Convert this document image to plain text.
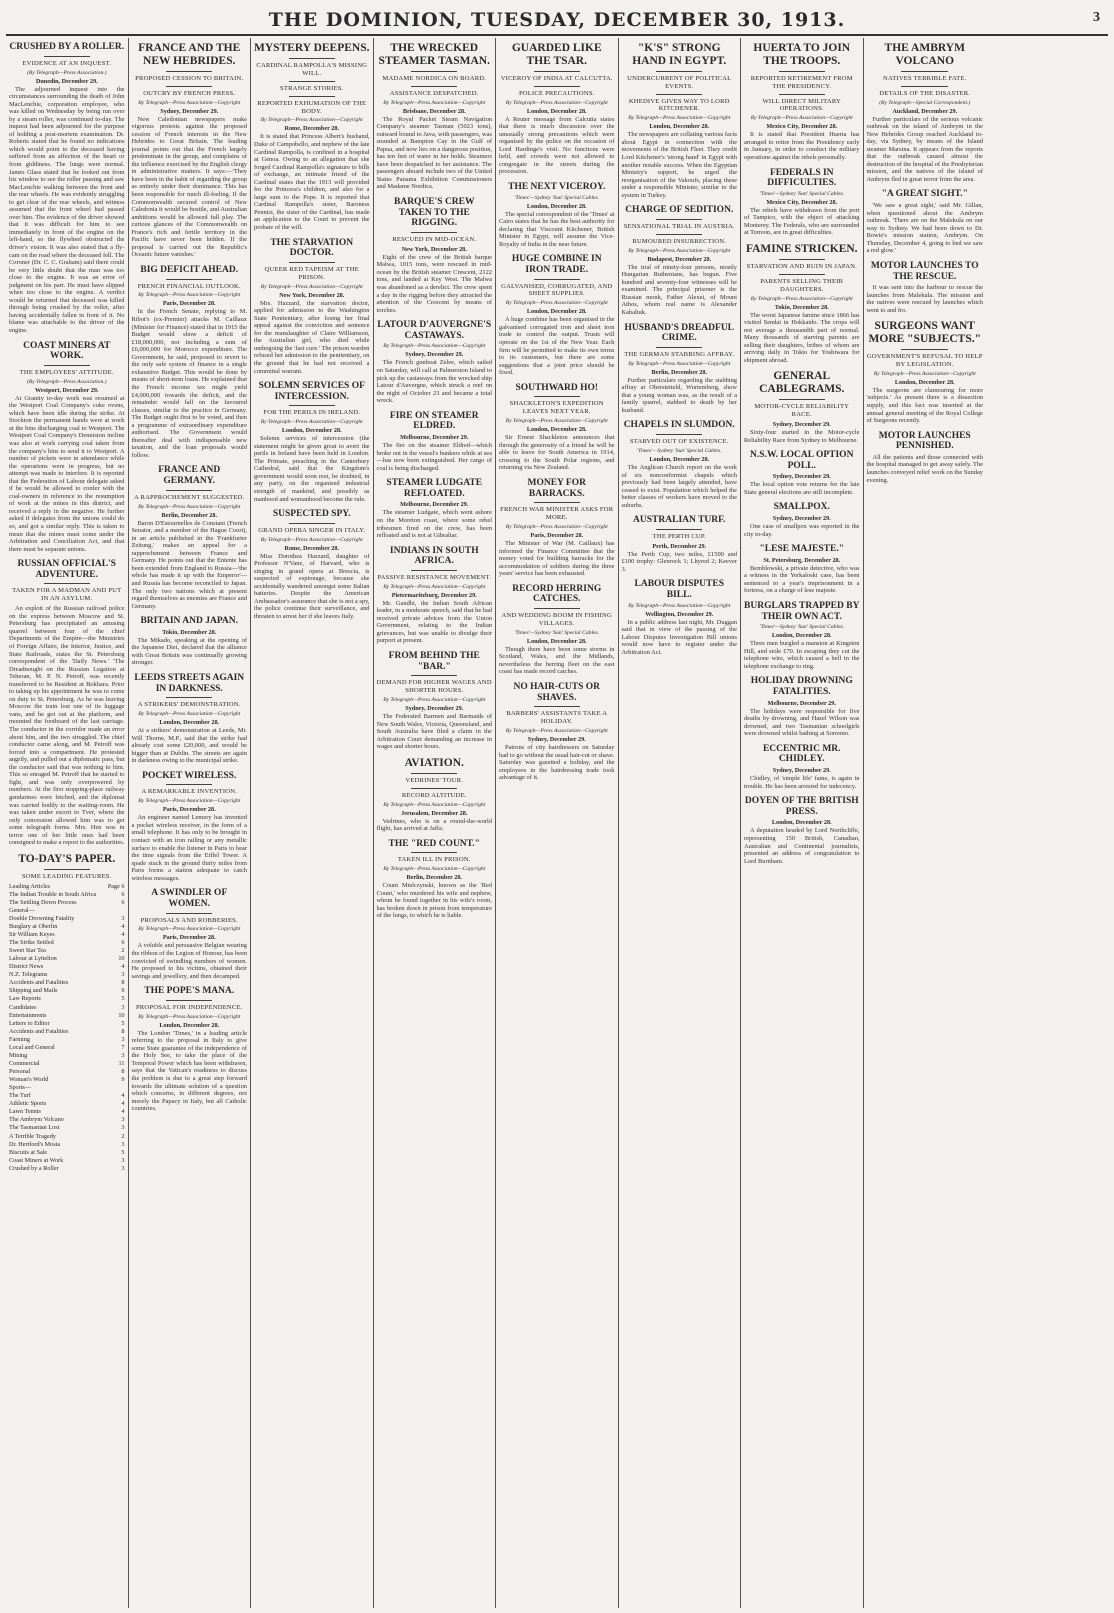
THE DOMINION, TUESDAY, DECEMBER 30, 1913.	3
CRUSHED BY A ROLLER.
EVIDENCE AT AN INQUEST.
(By Telegraph—Press Association.)
Dunedin, December 29.

The adjourned inquest into the circumstances surrounding the death of John MacLenchie, corporation employee, who was killed on Wednesday by being run over by a steam roller, was continued to-day. The inquest had been adjourned for the purpose of holding a post-mortem examination. Dr. Roberts stated that he found no indications which would point to the deceased having suffered from an affection of the heart or from giddiness. The lungs were normal. James Glass stated that he looked out from his window to see the roller passing and saw MacLenchie walking between the front and the rear wheels. He was evidently struggling to get clear of the rear wheels, and witness assumed that the front wheel had passed over him. The evidence of the driver showed that it was difficult for him to see immediately in front of the engine on the left-hand, so the flywheel obstructed the driver's vision. It was also stated that a fly-cam on the road where the deceased fell. The Coroner (Dr. C. C. Graham) said there could be very little doubt that the man was too close to the engine. It was an error of judgment on his part. He must have slipped when too close to the engine. A verdict would be returned that deceased was killed through being crushed by the roller, after having accidentally fallen in front of it. No blame was attachable to the driver of the engine.

COAST MINERS AT WORK.
THE EMPLOYEES' ATTITUDE.
(By Telegraph—Press Association.)
Westport, December 29.

At Granity to-day work was resumed at the Westport Coal Company's coke ovens, which have been idle during the strike. At Stockton the permanent hands were at work at the bins discharging coal to Westport. The Westport Coal Company's Denniston incline was also at work carrying coal taken from the company's bins to send it to Westport. A number of pickets were in attendance while the operations were in progress, but no attempt was made to interfere. It is reported that the Federation of Labour delegate asked if he would be allowed to confer with the coal-owners in reference to the resumption of work at the mines in this district, and received a reply in the negative. He further asked if delegates from the unions could do so, and got a similar reply. This is taken to mean that the mines must come under the Arbitration and Conciliation Act, and that there must be separate unions.

RUSSIAN OFFICIAL'S ADVENTURE.
TAKEN FOR A MADMAN AND PUT IN AN ASYLUM.

An exploit of the Russian railroad police on the express between Moscow and St. Petersburg has precipitated an amusing quarrel between four of the chief Departments of the Empire—the Ministries of Foreign Affairs, the Interior, Justice, and State Railroads, states the St. Petersburg correspondent of the 'Daily News.' 'The Dreadnought on the Russian Legation at Teheran, M. P. N. Petroff, was recently transferred to be Resident at Bokhara. Prior to taking up his appointment he was to come on duty to St. Petersburg. As he was leaving Moscow the train lost one of its luggage vans, and he got out at the platform, and mounted the footboard of the last carriage. The conductor in the corridor made an error about him, and the two struggled. The chief conductor came along, and M. Petroff was forced into a compartment. He protested angrily, and pulled out a diplomatic pass, but the conductor said that was nothing to him. This so enraged M. Petroff that he started to fight, and was only overpowered by numbers. At the first stopping-place railway gendarmes were fetched, and the diplomat was carried bodily to the waiting-room. He was taken under escort to Tver, where the only concession allowed him was to get some telegraph forms. Mrs. Hen was in terror one of her little ones had been consigned to make a report to the authorities.

TO-DAY'S PAPER.
SOME LEADING FEATURES.
Leading Articles	Page 6
The Indian Trouble in South Africa	6
The Settling Down Process	6
General—
Double Drowning Fatality	3
Burglary at Oberlin	4
Sir William Keyes	4
The Strike Settled	6
Sweet Star Tea	2
Labour at Lyttelton	10
District News	4
N.Z. Telegrams	3
Accidents and Fatalities	8
Shipping and Mails	9
Law Reports	5
Candidates	3
Entertainments	10
Letters to Editor	5
Accidents and Fatalities	8
Farming	3
Local and General	7
Mining	3
Commercial	11
Personal	8
Woman's World	9
Sports—
The Turf	4
Athletic Sports	4
Lawn Tennis	4
The Ambrym Volcano	3
The Tasmanian Lost	3
A Terrible Tragedy	2
Dr. Hertford's Mosta	3
Biscuits at Sale	5
Coast Miners at Work	3
Crushed by a Roller	3
FRANCE AND THE NEW HEBRIDES.
PROPOSED CESSION TO BRITAIN.
OUTCRY BY FRENCH PRESS.
By Telegraph—Press Association—Copyright
Sydney, December 29.

New Caledonian newspapers make vigorous protests against the proposed cession of French interests in the New Hebrides to Great Britain. The leading journal points out that the French largely predominate in the group, and complains of the influence exercised by the English clergy in administrative matters. It says:—'They have been in the habit of regarding the group as entirely under their dominance. This has been responsible for much ill-feeling. If the Commonwealth secured control of New Caledonia it would be hostile, and Australian ambitions would be allowed full play. The curious glances of the Commonwealth on France's rich and fertile territory in the Pacific have never been hidden. If the proposal is carried out the Republic's Oceanic future vanishes.'

BIG DEFICIT AHEAD.
FRENCH FINANCIAL OUTLOOK.
By Telegraph—Press Association—Copyright
Paris, December 28.

In the French Senate, replying to M. Ribot's (ex-Premier) attacks M. Caillaux (Minister for Finance) stated that in 1915 the Budget would show a deficit of £18,000,000, not including a sum of £6,000,000 for Morocco expenditure. The Government, he said, proposed to revert to the only safe system of finance in a single exhaustive Budget. This would be done by means of short-term loans. He explained that the French income tax might yield £4,000,000 towards the deficit, and the remainder would fall on the favoured classes, similar to the practice in Germany. The Budget ought first to be voted, and then a programme of extraordinary expenditure authorised. The Government would thereafter deal with indispensable new taxation, and the loan proposals would follow.

FRANCE AND GERMANY.
A RAPPROCHEMENT SUGGESTED.
By Telegraph—Press Association—Copyright
Berlin, December 28.

Baron D'Estournelles de Constant (French Senator, and a member of the Hague Court), in an article published in the 'Frankfurter Zeitung,' makes an appeal for a rapprochement between France and Germany. He points out that the Entente has been extended from England to Russia—'the whole has made it up with the Emperor'—and Russia has become reconciled to Japan. The only two nations which at present regard themselves as enemies are France and Germany.

BRITAIN AND JAPAN.
Tokio, December 28.

The Mikado, speaking at the opening of the Japanese Diet, declared that the alliance with Great Britain was continually growing stronger.

LEEDS STREETS AGAIN IN DARKNESS.
A STRIKERS' DEMONSTRATION.
By Telegraph—Press Association—Copyright
London, December 28.

At a strikers' demonstration at Leeds, Mr. Will Thorne, M.P., said that the strike had already cost some £20,000, and would be bigger than at Dublin. The streets are again in darkness owing to the municipal strike.

POCKET WIRELESS.
A REMARKABLE INVENTION.
By Telegraph—Press Association—Copyright
Paris, December 28.

An engineer named Lemery has invented a pocket wireless receiver, in the form of a small telephone. It has only to be brought in contact with an iron railing or any metallic surface to enable the listener in Paris to hear the time signals from the Eiffel Tower. A spade stuck in the ground thirty miles from Paris forms a station adequate to catch wireless messages.

A SWINDLER OF WOMEN.
PROPOSALS AND ROBBERIES.
By Telegraph—Press Association—Copyright
Paris, December 28.

A voluble and persuasive Belgian wearing the ribbon of the Legion of Honour, has been convicted of swindling numbers of women. He proposed to his victims, obtained their savings and jewellery, and then decamped.

THE POPE'S MANA.
PROPOSAL FOR INDEPENDENCE.
By Telegraph—Press Association—Copyright
London, December 28.

The London 'Times,' in a leading article referring to the proposal in Italy to give some State guarantee of the independence of the Holy See, to take the place of the Temporal Power which has been withdrawn, says that the Vatican's readiness to discuss the problem is due to a great step forward towards the ultimate solution of a question which concerns, in different degrees, not merely the Papacy in Italy, but all Catholic countries.

MYSTERY DEEPENS.
CARDINAL RAMPOLLA'S MISSING WILL.
STRANGE STORIES.
REPORTED EXHUMATION OF THE BODY.
By Telegraph—Press Association—Copyright
Rome, December 28.

It is stated that Princess Albert's husband, Duke of Campobello, and nephew of the late Cardinal Rampolla, is confined in a hospital at Genoa. Owing to an allegation that she forged Cardinal Rampolla's signature to bills of exchange, an intimate friend of the Cardinal states that the 1913 will provided for the Princess's children, and also for a large sum to the Pope. It is reported that Cardinal Rampolla's sister, Baroness Pennisi, the sister of the Cardinal, has made an application to the Court to prevent the probate of the will.

THE STARVATION DOCTOR.
QUEER RED TAPEISM AT THE PRISON.
By Telegraph—Press Association—Copyright
New York, December 28.

Mrs. Hazzard, the starvation doctor, applied for admission to the Washington State Penitentiary, after losing her final appeal against the conviction and sentence for the manslaughter of Claire Williamson, the Australian girl, who died while undergoing the 'fast cure.' The prison warden refused her admission to the penitentiary, on the ground that he had not received a committal warrant.

SOLEMN SERVICES OF INTERCESSION.
FOR THE PERILS IN IRELAND.
By Telegraph—Press Association—Copyright
London, December 28.

Solemn services of intercession (the statement might be given great to avert the perils in Ireland have been held in London. The Primate, preaching in the Canterbury Cathedral, said that the Kingdom's government would soon rest, he doubted, in any party, on the organised industrial strength of mankind, and possibly as manhood and womanhood become the rule.

SUSPECTED SPY.
GRAND OPERA SINGER IN ITALY.
By Telegraph—Press Association—Copyright
Rome, December 28.

Miss Dorothea Hazzard, daughter of Professor N'Vane, of Harvard, who is singing in grand opera at Brescia, is suspected of espionage, because she accidentally wandered amongst some Italian batteries. Despite the American Ambassador's assurance that she is not a spy, the police continue their surveillance, and threaten to arrest her if she leaves Italy.

THE WRECKED STEAMER TASMAN.
MADAME NORDICA ON BOARD.
ASSISTANCE DESPATCHED.
By Telegraph—Press Association—Copyright
Brisbane, December 28.

The Royal Packet Steam Navigation Company's steamer Tasman (5023 tons), outward bound to Java, with passengers, was stranded at Bampton Cay in the Gulf of Papua, and now lies on a dangerous position, has ten feet of water in her holds. Steamers have been despatched to her assistance. The passengers aboard include two of the United States Panama Exhibition Commissioners and Madame Nordica.

BARQUE'S CREW TAKEN TO THE RIGGING.
RESCUED IN MID-OCEAN.
New York, December 28.

Eight of the crew of the British barque Malwa, 1015 tons, were rescued in mid-ocean by the British steamer Crescent, 2122 tons, and landed at Key West. The Malwa was abandoned as a derelict. The crew spent a day in the rigging before they attracted the attention of the Crescent by means of torches.

LATOUR D'AUVERGNE'S CASTAWAYS.
By Telegraph—Press Association—Copyright
Sydney, December 29.

The French gunboat Zelee, which sailed on Saturday, will call at Palmerston Island to pick up the castaways from the wrecked ship Latour d'Auvergne, which struck a reef on the night of October 23 and became a total wreck.

FIRE ON STEAMER ELDRED.
Melbourne, December 29.

The fire on the steamer Eldred—which broke out in the vessel's bunkers while at sea—has now been extinguished. Her cargo of coal is being discharged.

STEAMER LUDGATE REFLOATED.
Melbourne, December 29.

The steamer Ludgate, which went ashore on the Moreton coast, where some rebel tribesmen fired on the crew, has been refloated and is not at Gibraltar.

INDIANS IN SOUTH AFRICA.
PASSIVE RESISTANCE MOVEMENT.
By Telegraph—Press Association—Copyright
Pietermaritzburg, December 29.

Mr. Gandhi, the Indian South African leader, in a moderate speech, said that he had received private advices from the Union Government, relating to the Indian grievances, but was unable to divulge their purport at present.

FROM BEHIND THE "BAR."
DEMAND FOR HIGHER WAGES AND SHORTER HOURS.
By Telegraph—Press Association—Copyright
Sydney, December 29.

The Federated Barmen and Barmaids of New South Wales, Victoria, Queensland, and South Australia have filed a claim in the Arbitration Court demanding an increase in wages and shorter hours.

AVIATION.
VEDRINES' TOUR.
RECORD ALTITUDE.
By Telegraph—Press Association—Copyright
Jerusalem, December 28.

Vedrines, who is on a round-the-world flight, has arrived at Jaffa.

THE "RED COUNT."
TAKEN ILL IN PRISON.
By Telegraph—Press Association—Copyright
Berlin, December 28.

Count Mielczynski, known as the 'Red Count,' who murdered his wife and nephew, whom he found together in his wife's room, has broken down in prison from temperature of the lungs, to which he is liable.

GUARDED LIKE THE TSAR.
VICEROY OF INDIA AT CALCUTTA.
POLICE PRECAUTIONS.
By Telegraph—Press Association—Copyright
London, December 28.

A Reuter message from Calcutta states that there is much discussion over the unusually strong precautions which were organised by the police on the occasion of Lord Hardinge's visit. No functions were held, and crowds were not allowed to congregate in the streets during the procession.

THE NEXT VICEROY.
'Times'—Sydney 'Sun' Special Cables.
London, December 28.

The special correspondent of the 'Times' at Cairo states that he has the best authority for declaring that Viscount Kitchener, British Minister in Egypt, will assume the Vice-Royalty of India in the near future.

HUGE COMBINE IN IRON TRADE.
GALVANISED, CORRUGATED, AND SHEET SUPPLIES.
By Telegraph—Press Association—Copyright
London, December 28.

A huge combine has been organised in the galvanised corrugated iron and sheet iron trade to control the output. Trusts will operate on the 1st of the New Year. Each firm will be permitted to make its own terms to its customers, but there are some suggestions that a joint price should be fixed.

SOUTHWARD HO!
SHACKLETON'S EXPEDITION LEAVES NEXT YEAR.
By Telegraph—Press Association—Copyright
London, December 28.

Sir Ernest Shackleton announces that through the generosity of a friend he will be able to leave for South America in 1914, crossing to the South Polar regions, and returning via New Zealand.

MONEY FOR BARRACKS.
FRENCH WAR MINISTER ASKS FOR MORE.
By Telegraph—Press Association—Copyright
Paris, December 28.

The Minister of War (M. Caillaux) has informed the Finance Committee that the money voted for building barracks for the accommodation of soldiers during the three years' service has been exhausted.

RECORD HERRING CATCHES.
AND WEDDING BOOM IN FISHING VILLAGES.
'Times'—Sydney 'Sun' Special Cables.
London, December 28.

Though there have been some storms in Scotland, Wales, and the Midlands, nevertheless the herring fleet on the east coast has made record catches.

NO HAIR-CUTS OR SHAVES.
BARBERS' ASSISTANTS TAKE A HOLIDAY.
By Telegraph—Press Association—Copyright
Sydney, December 29.

Patrons of city hairdressers on Saturday had to go without the usual hair-cut or shave. Saturday was gazetted a holiday, and the employees in the hairdressing trade took advantage of it.

"K'S" STRONG HAND IN EGYPT.
UNDERCURRENT OF POLITICAL EVENTS.
KHEDIVE GIVES WAY TO LORD KITCHENER.
By Telegraph—Press Association—Copyright
London, December 28.

The newspapers are collating various facts about Egypt in connection with the movements of the British Fleet. They credit Lord Kitchener's 'strong hand' in Egypt with another notable success. When the Egyptian Ministry's support, he urged the reorganisation of the Vakoufs, placing these under a responsible Minister, similar to the system in Turkey.

CHARGE OF SEDITION.
SENSATIONAL TRIAL IN AUSTRIA.
RUMOURED INSURRECTION.
By Telegraph—Press Association—Copyright
Budapest, December 28.

The trial of ninety-four persons, mostly Hungarian Ruthenians, has begun. Five hundred and seventy-four witnesses will be examined. The principal prisoner is the Russian monk, Father Alexei, of Mount Athos, whom real name is Alexander Kabaliuk.

HUSBAND'S DREADFUL CRIME.
THE GERMAN STABBING AFFRAY.
By Telegraph—Press Association—Copyright
Berlin, December 28.

Further particulars regarding the stabbing affray at Oberstetteld, Wurtemberg, show that a young woman was, as the result of a family quarrel, stabbed to death by her husband.

CHAPELS IN SLUMDON.
STARVED OUT OF EXISTENCE.
'Times'—Sydney 'Sun' Special Cables.
London, December 28.

The Anglican Church report on the work of six nonconformist chapels which previously had been largely attended, have ceased to exist. Population which helped the better classes of workers have moved to the suburbs.

AUSTRALIAN TURF.
THE PERTH CUP.
Perth, December 29.

The Perth Cup, two miles, £1500 and £100 trophy: Glenrock 1; Lhyred 2; Keever 3.

LABOUR DISPUTES BILL.
By Telegraph—Press Association—Copyright
Wellington, December 29.

In a public address last night, Mr. Duggan said that in view of the passing of the Labour Disputes Investigation Bill unions would now have to register under the Arbitration Act.

HUERTA TO JOIN THE TROOPS.
REPORTED RETIREMENT FROM THE PRESIDENCY.
WILL DIRECT MILITARY OPERATIONS.
By Telegraph—Press Association—Copyright
Mexico City, December 28.

It is stated that President Huerta has arranged to retire from the Presidency early in January, in order to conduct the military operations against the rebels personally.

FEDERALS IN DIFFICULTIES.
'Times'—Sydney 'Sun' Special Cables.
Mexico City, December 28.

The rebels have withdrawn from the port of Tampico, with the object of attacking Monterey. The Federals, who are surrounded at Torreon, are in great difficulties.

FAMINE STRICKEN.
STARVATION AND RUIN IN JAPAN.
PARENTS SELLING THEIR DAUGHTERS.
By Telegraph—Press Association—Copyright
Tokio, December 28.

The worst Japanese famine since 1866 has visited Sendai in Hokkaido. The crops will not average a thousandth part of normal. Many thousands of starving parents are selling their daughters, bribes of whom are arriving daily in Tokio for Yoshiwara for shipment abroad.

GENERAL CABLEGRAMS.
MOTOR-CYCLE RELIABILITY RACE.
Sydney, December 29.

Sixty-four started in the Motor-cycle Reliability Race from Sydney to Melbourne.

N.S.W. LOCAL OPTION POLL.
Sydney, December 29.

The local option vote returns for the late State general elections are still incomplete.

SMALLPOX.
Sydney, December 29.

One case of smallpox was reported in the city to-day.

"LESE MAJESTE."
St. Petersburg, December 28.

Bemblowski, a private detective, who was a witness in the Yerkaloski case, has been sentenced to a year's imprisonment in a fortress, on a charge of lese majeste.

BURGLARS TRAPPED BY THEIR OWN ACT.
'Times'—Sydney 'Sun' Special Cables.
London, December 28.

Three men burgled a mansion at Kingston Hill, and stole £70. In escaping they cut the telephone wire, which caused a bell in the telephone exchange to ring.

HOLIDAY DROWNING FATALITIES.
Melbourne, December 29.

The holidays were responsible for five deaths by drowning, and Hazel Wilson was drowned, and two Tasmanian schoolgirls were drowned whilst bathing at Sorrento.

ECCENTRIC MR. CHIDLEY.
Sydney, December 29.

Chidley, of 'simple life' fame, is again in trouble. He has been arrested for indecency.

DOYEN OF THE BRITISH PRESS.
London, December 28.

A deputation headed by Lord Northcliffe, representing 150 British, Canadian, Australian and Continental journalists, presented an address of congratulation to Lord Burnham.

THE AMBRYM VOLCANO
NATIVES TERRIBLE FATE.
DETAILS OF THE DISASTER.
(By Telegraph—Special Correspondent.)
Auckland, December 29.

Further particulars of the serious volcanic outbreak on the island of Ambrym in the New Hebrides Group reached Auckland to-day, via Sydney, by means of the Island steamer Marsina. It appears from the reports that the outbreak caused almost the destruction of the hospital of the Presbyterian mission, and the natives of the island of Ambrym fled in great terror from the area.

"A GREAT SIGHT."

'We saw a great sight,' said Mr. Gillan, when questioned about the Ambrym outbreak. 'There are on the Malekula on our way to Sydney. We had been down to Dr. Bowie's mission station, Ambrym. On Thursday, December 4, going to bed we saw a red glow.'

MOTOR LAUNCHES TO THE RESCUE.

It was sent into the harbour to rescue the launches from Malekula. The mission and the natives were rescued by launches which went to and fro.

SURGEONS WANT MORE "SUBJECTS."
GOVERNMENT'S REFUSAL TO HELP BY LEGISLATION.
By Telegraph—Press Association—Copyright
London, December 28.

The surgeons are clamouring for more 'subjects.' As present there is a dissection supply, and this fact was inserted at the annual general meeting of the Royal College of Surgeons recently.

MOTOR LAUNCHES PENNISHED.

All the patients and those connected with the hospital managed to get away safely. The launches conveyed relief work on the Sunday evening.
